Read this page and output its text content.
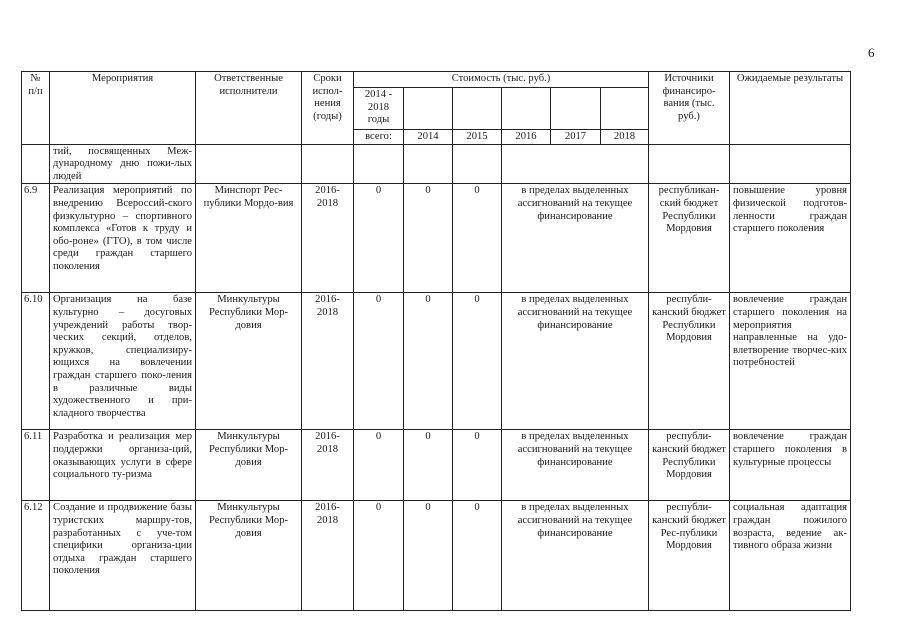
6
№ п/п	Мероприятия	Ответственные исполнители	Сроки испол-нения (годы)	Стоимость (тыс. руб.)						Источники финансиро-вания (тыс. руб.)	Ожидаемые результаты
				2014 - 2018 годы							
				всего:	2014	2015	2016	2017	2018		
	тий, посвященных Меж-дународному дню пожи-лых людей										
6.9	Реализация мероприятий по внедрению Всероссий-ского физкультурно – спортивного комплекса «Готов к труду и обо-роне» (ГТО), в том числе среди граждан старшего поколения	Минспорт Рес-публики Мордо-вия	2016-2018	0	0	0	в пределах выделенных ассигнований на текущее финансирование			республикан-ский бюджет Республики Мордовия	повышение уровня физической подготов-ленности граждан старшего поколения
6.10	Организация на базе культурно – досуговых учреждений работы твор-ческих секций, отделов, кружков, специализиру-ющихся на вовлечении граждан старшего поко-ления в различные виды художественного и при-кладного творчества	Минкультуры Республики Мор-довия	2016-2018	0	0	0	в пределах выделенных ассигнований на текущее финансирование			республи-канский бюджет Республики Мордовия	вовлечение граждан старшего поколения на мероприятия направленные на удо-влетворение творчес-ких потребностей
6.11	Разработка и реализация мер поддержки организа-ций, оказывающих услуги в сфере социального ту-ризма	Минкультуры Республики Мор-довия	2016-2018	0	0	0	в пределах выделенных ассигнований на текущее финансирование			республи-канский бюджет Республики Мордовия	вовлечение граждан старшего поколения в культурные процессы
6.12	Создание и продвижение базы туристских маршру-тов, разработанных с уче-том специфики организа-ции отдыха граждан старшего поколения	Минкультуры Республики Мор-довия	2016-2018	0	0	0	в пределах выделенных ассигнований на текущее финансирование			республи-канский бюджет Рес-публики Мордовия	социальная адаптация граждан пожилого возраста, ведение ак-тивного образа жизни
